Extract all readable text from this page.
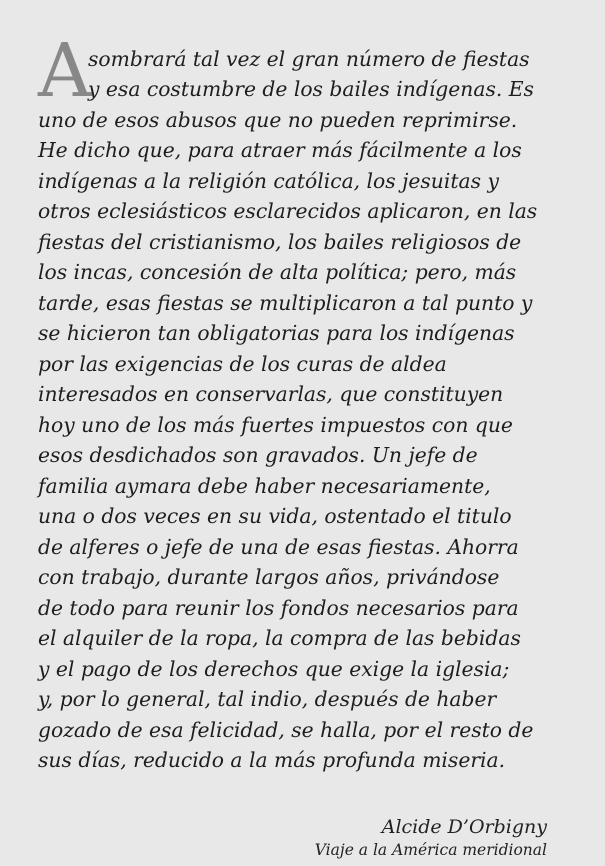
A
sombrará tal vez el gran número de fiestas
y esa costumbre de los bailes indígenas. Es
uno de esos abusos que no pueden reprimirse.
He dicho que, para atraer más fácilmente a los
indígenas a la religión católica, los jesuitas y
otros eclesiásticos esclarecidos aplicaron, en las
fiestas del cristianismo, los bailes religiosos de
los incas, concesión de alta política; pero, más
tarde, esas fiestas se multiplicaron a tal punto y
se hicieron tan obligatorias para los indígenas
por las exigencias de los curas de aldea
interesados en conservarlas, que constituyen
hoy uno de los más fuertes impuestos con que
esos desdichados son gravados. Un jefe de
familia aymara debe haber necesariamente,
una o dos veces en su vida, ostentado el titulo
de alferes o jefe de una de esas fiestas. Ahorra
con trabajo, durante largos años, privándose
de todo para reunir los fondos necesarios para
el alquiler de la ropa, la compra de las bebidas
y el pago de los derechos que exige la iglesia;
y, por lo general, tal indio, después de haber
gozado de esa felicidad, se halla, por el resto de
sus días, reducido a la más profunda miseria.
Alcide D’Orbigny
Viaje a la América meridional
